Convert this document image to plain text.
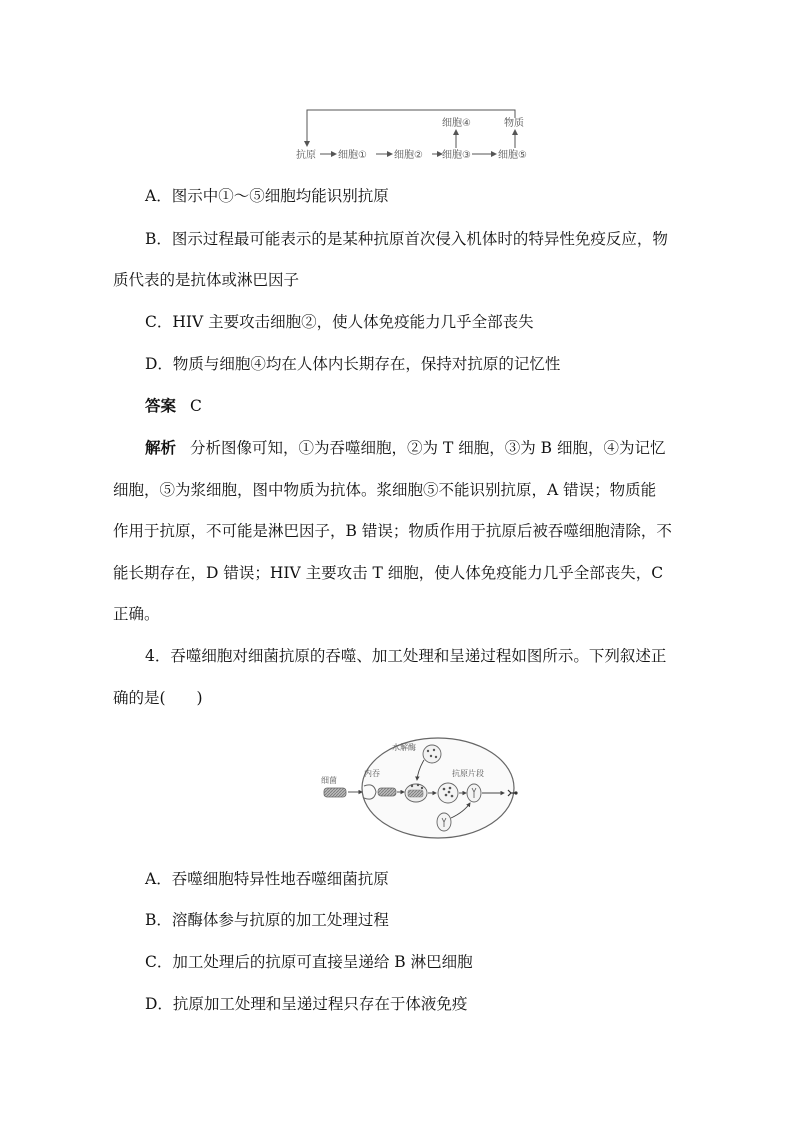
抗原 细胞①	细胞② 细胞③
细胞④
细胞⑤
物质
A．图示中①～⑤细胞均能识别抗原
B．图示过程最可能表示的是某种抗原首次侵入机体时的特异性免疫反应，物
质代表的是抗体或淋巴因子
C．HIV 主要攻击细胞②，使人体免疫能力几乎全部丧失
D．物质与细胞④均在人体内长期存在，保持对抗原的记忆性
答案 C
解析 分析图像可知，①为吞噬细胞，②为 T 细胞，③为 B 细胞，④为记忆
细胞，⑤为浆细胞，图中物质为抗体。浆细胞⑤不能识别抗原，A 错误；物质能
作用于抗原，不可能是淋巴因子，B 错误；物质作用于抗原后被吞噬细胞清除，不
能长期存在，D 错误；HIV 主要攻击 T 细胞，使人体免疫能力几乎全部丧失，C
正确。
4．吞噬细胞对细菌抗原的吞噬、加工处理和呈递过程如图所示。下列叙述正
确的是(　　)
细菌
内吞
水解酶
抗原片段
A．吞噬细胞特异性地吞噬细菌抗原
B．溶酶体参与抗原的加工处理过程
C．加工处理后的抗原可直接呈递给 B 淋巴细胞
D．抗原加工处理和呈递过程只存在于体液免疫
